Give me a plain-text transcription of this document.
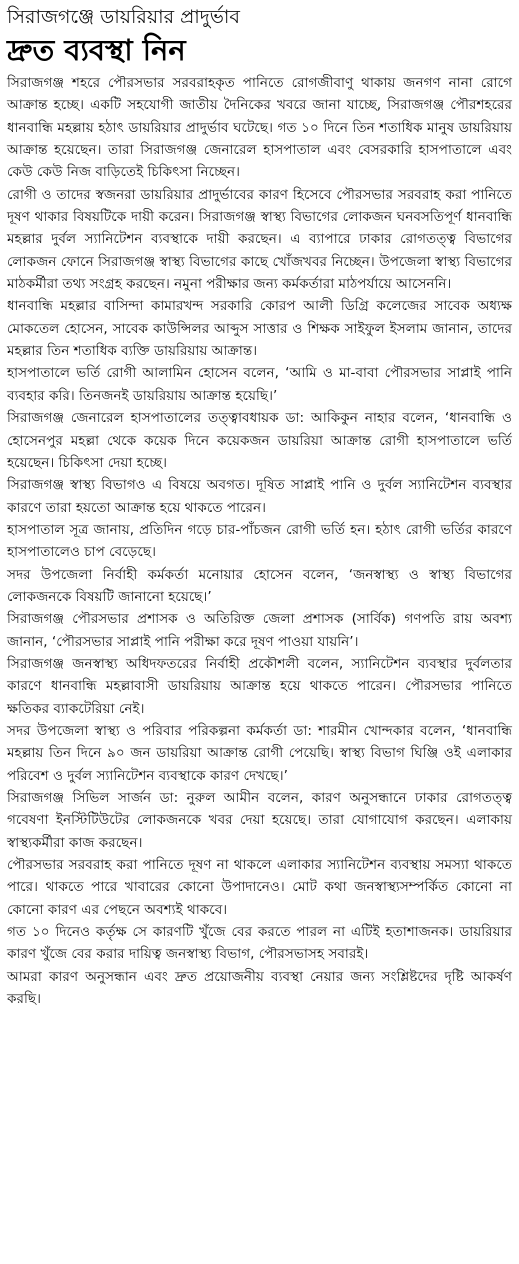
সিরাজগঞ্জে ডায়রিয়ার প্রাদুর্ভাব
দ্রুত ব্যবস্থা নিন

সিরাজগঞ্জ শহরে পৌরসভার সরবরাহকৃত পানিতে রোগজীবাণু থাকায় জনগণ নানা রোগে আক্রান্ত হচ্ছে। একটি সহযোগী জাতীয় দৈনিকের খবরে জানা যাচ্ছে, সিরাজগঞ্জ পৌরশহরের ধানবান্ধি মহল্লায় হঠাৎ ডায়রিয়ার প্রাদুর্ভাব ঘটেছে। গত ১০ দিনে তিন শতাধিক মানুষ ডায়রিয়ায় আক্রান্ত হয়েছেন। তারা সিরাজগঞ্জ জেনারেল হাসপাতাল এবং বেসরকারি হাসপাতালে এবং কেউ কেউ নিজ বাড়িতেই চিকিৎসা নিচ্ছেন।

রোগী ও তাদের স্বজনরা ডায়রিয়ার প্রাদুর্ভাবের কারণ হিসেবে পৌরসভার সরবরাহ করা পানিতে দূষণ থাকার বিষয়টিকে দায়ী করেন। সিরাজগঞ্জ স্বাস্থ্য বিভাগের লোকজন ঘনবসতিপূর্ণ ধানবান্ধি মহল্লার দুর্বল স্যানিটেশন ব্যবস্থাকে দায়ী করছেন। এ ব্যাপারে ঢাকার রোগতত্ত্ব বিভাগের লোকজন ফোনে সিরাজগঞ্জ স্বাস্থ্য বিভাগের কাছে খোঁজখবর নিচ্ছেন। উপজেলা স্বাস্থ্য বিভাগের মাঠকর্মীরা তথ্য সংগ্রহ করছেন। নমুনা পরীক্ষার জন্য কর্মকর্তারা মাঠপর্যায়ে আসেননি।

ধানবান্ধি মহল্লার বাসিন্দা কামারখন্দ সরকারি কোরপ আলী ডিগ্রি কলেজের সাবেক অধ্যক্ষ মোকতেল হোসেন, সাবেক কাউন্সিলর আব্দুস সাত্তার ও শিক্ষক সাইফুল ইসলাম জানান, তাদের মহল্লার তিন শতাধিক ব্যক্তি ডায়রিয়ায় আক্রান্ত।

হাসপাতালে ভর্তি রোগী আলামিন হোসেন বলেন, ‘আমি ও মা-বাবা পৌরসভার সাপ্লাই পানি ব্যবহার করি। তিনজনই ডায়রিয়ায় আক্রান্ত হয়েছি।’

সিরাজগঞ্জ জেনারেল হাসপাতালের তত্ত্বাবধায়ক ডা: আকিকুন নাহার বলেন, ‘ধানবান্ধি ও হোসেনপুর মহল্লা থেকে কয়েক দিনে কয়েকজন ডায়রিয়া আক্রান্ত রোগী হাসপাতালে ভর্তি হয়েছেন। চিকিৎসা দেয়া হচ্ছে।

সিরাজগঞ্জ স্বাস্থ্য বিভাগও এ বিষয়ে অবগত। দূষিত সাপ্লাই পানি ও দুর্বল স্যানিটেশন ব্যবস্থার কারণে তারা হয়তো আক্রান্ত হয়ে থাকতে পারেন।

হাসপাতাল সূত্র জানায়, প্রতিদিন গড়ে চার-পাঁচজন রোগী ভর্তি হন। হঠাৎ রোগী ভর্তির কারণে হাসপাতালেও চাপ বেড়েছে।

সদর উপজেলা নির্বাহী কর্মকর্তা মনোয়ার হোসেন বলেন, ‘জনস্বাস্থ্য ও স্বাস্থ্য বিভাগের লোকজনকে বিষয়টি জানানো হয়েছে।’

সিরাজগঞ্জ পৌরসভার প্রশাসক ও অতিরিক্ত জেলা প্রশাসক (সার্বিক) গণপতি রায় অবশ্য জানান, ‘পৌরসভার সাপ্লাই পানি পরীক্ষা করে দূষণ পাওয়া যায়নি’।

সিরাজগঞ্জ জনস্বাস্থ্য অধিদফতরের নির্বাহী প্রকৌশলী বলেন, স্যানিটেশন ব্যবস্থার দুর্বলতার কারণে ধানবান্ধি মহল্লাবাসী ডায়রিয়ায় আক্রান্ত হয়ে থাকতে পারেন। পৌরসভার পানিতে ক্ষতিকর ব্যাকটেরিয়া নেই।

সদর উপজেলা স্বাস্থ্য ও পরিবার পরিকল্পনা কর্মকর্তা ডা: শারমীন খোন্দকার বলেন, ‘ধানবান্ধি মহল্লায় তিন দিনে ৯০ জন ডায়রিয়া আক্রান্ত রোগী পেয়েছি। স্বাস্থ্য বিভাগ ঘিঞ্জি ওই এলাকার পরিবেশ ও দুর্বল স্যানিটেশন ব্যবস্থাকে কারণ দেখছে।’

সিরাজগঞ্জ সিভিল সার্জন ডা: নুরুল আমীন বলেন, কারণ অনুসন্ধানে ঢাকার রোগতত্ত্ব গবেষণা ইনস্টিটিউটের লোকজনকে খবর দেয়া হয়েছে। তারা যোগাযোগ করছেন। এলাকায় স্বাস্থ্যকর্মীরা কাজ করছেন।

পৌরসভার সরবরাহ করা পানিতে দূষণ না থাকলে এলাকার স্যানিটেশন ব্যবস্থায় সমস্যা থাকতে পারে। থাকতে পারে খাবারের কোনো উপাদানেও। মোট কথা জনস্বাস্থ্যসম্পর্কিত কোনো না কোনো কারণ এর পেছনে অবশ্যই থাকবে।

গত ১০ দিনেও কর্তৃক্ষ সে কারণটি খুঁজে বের করতে পারল না এটিই হতাশাজনক। ডায়রিয়ার কারণ খুঁজে বের করার দায়িত্ব জনস্বাস্থ্য বিভাগ, পৌরসভাসহ সবারই।

আমরা কারণ অনুসন্ধান এবং দ্রুত প্রয়োজনীয় ব্যবস্থা নেয়ার জন্য সংশ্লিষ্টদের দৃষ্টি আকর্ষণ করছি।
